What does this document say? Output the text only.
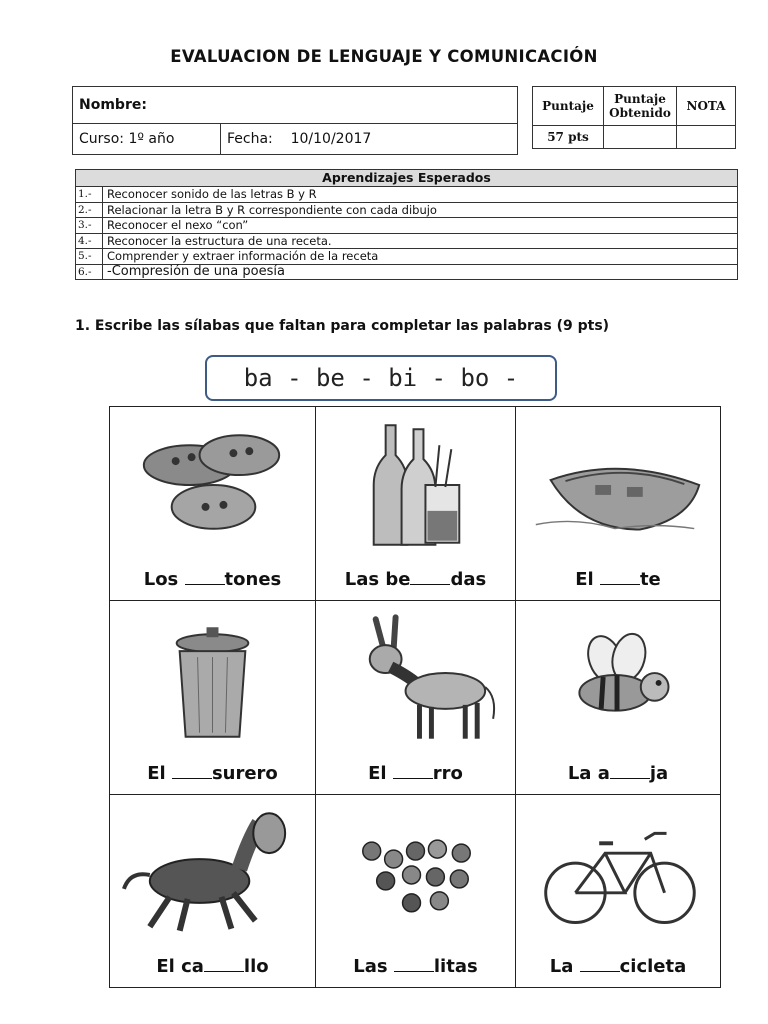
EVALUACION DE LENGUAJE Y COMUNICACIÓN
Nombre:
Curso: 1º año	Fecha: 10/10/2017
Puntaje	Puntaje Obtenido	NOTA
57 pts		
Aprendizajes Esperados	
1.-	Reconocer sonido de las letras B y R
2.-	Relacionar la letra B y R correspondiente con cada dibujo
3.-	Reconocer el nexo “con”
4.-	Reconocer la estructura de una receta.
5.-	Comprender y extraer información de la receta
6.-	-Compresión de una poesía
1. Escribe las sílabas que faltan para completar las palabras (9 pts)
ba - be - bi - bo -
Los tones	Las be das	El te
El surero	El rro	La a ja
El ca llo	Las litas	La cicleta
